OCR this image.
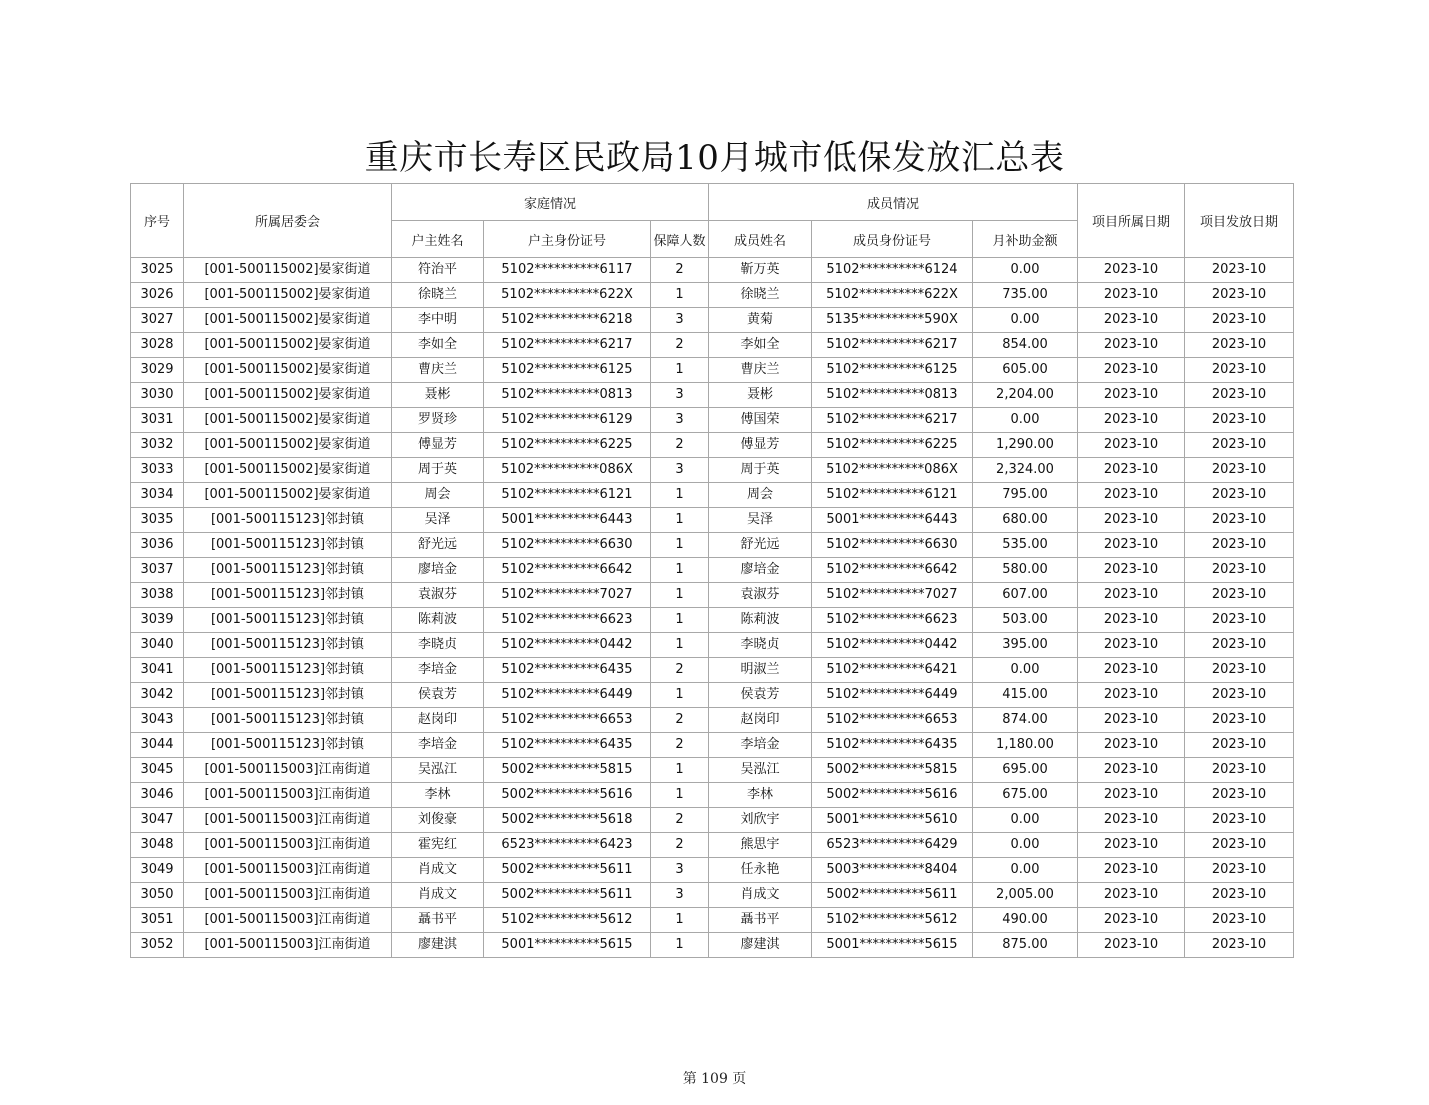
重庆市长寿区民政局10月城市低保发放汇总表
序号	所属居委会	家庭情况			成员情况			项目所属日期	项目发放日期
		户主姓名	户主身份证号	保障人数	成员姓名	成员身份证号	月补助金额		
3025	[001-500115002]晏家街道	符治平	5102**********6117	2	靳万英	5102**********6124	0.00	2023-10	2023-10
3026	[001-500115002]晏家街道	徐晓兰	5102**********622X	1	徐晓兰	5102**********622X	735.00	2023-10	2023-10
3027	[001-500115002]晏家街道	李中明	5102**********6218	3	黄菊	5135**********590X	0.00	2023-10	2023-10
3028	[001-500115002]晏家街道	李如全	5102**********6217	2	李如全	5102**********6217	854.00	2023-10	2023-10
3029	[001-500115002]晏家街道	曹庆兰	5102**********6125	1	曹庆兰	5102**********6125	605.00	2023-10	2023-10
3030	[001-500115002]晏家街道	聂彬	5102**********0813	3	聂彬	5102**********0813	2,204.00	2023-10	2023-10
3031	[001-500115002]晏家街道	罗贤珍	5102**********6129	3	傅国荣	5102**********6217	0.00	2023-10	2023-10
3032	[001-500115002]晏家街道	傅显芳	5102**********6225	2	傅显芳	5102**********6225	1,290.00	2023-10	2023-10
3033	[001-500115002]晏家街道	周于英	5102**********086X	3	周于英	5102**********086X	2,324.00	2023-10	2023-10
3034	[001-500115002]晏家街道	周会	5102**********6121	1	周会	5102**********6121	795.00	2023-10	2023-10
3035	[001-500115123]邻封镇	吴泽	5001**********6443	1	吴泽	5001**********6443	680.00	2023-10	2023-10
3036	[001-500115123]邻封镇	舒光远	5102**********6630	1	舒光远	5102**********6630	535.00	2023-10	2023-10
3037	[001-500115123]邻封镇	廖培金	5102**********6642	1	廖培金	5102**********6642	580.00	2023-10	2023-10
3038	[001-500115123]邻封镇	袁淑芬	5102**********7027	1	袁淑芬	5102**********7027	607.00	2023-10	2023-10
3039	[001-500115123]邻封镇	陈莉波	5102**********6623	1	陈莉波	5102**********6623	503.00	2023-10	2023-10
3040	[001-500115123]邻封镇	李晓贞	5102**********0442	1	李晓贞	5102**********0442	395.00	2023-10	2023-10
3041	[001-500115123]邻封镇	李培金	5102**********6435	2	明淑兰	5102**********6421	0.00	2023-10	2023-10
3042	[001-500115123]邻封镇	侯袁芳	5102**********6449	1	侯袁芳	5102**********6449	415.00	2023-10	2023-10
3043	[001-500115123]邻封镇	赵岗印	5102**********6653	2	赵岗印	5102**********6653	874.00	2023-10	2023-10
3044	[001-500115123]邻封镇	李培金	5102**********6435	2	李培金	5102**********6435	1,180.00	2023-10	2023-10
3045	[001-500115003]江南街道	吴泓江	5002**********5815	1	吴泓江	5002**********5815	695.00	2023-10	2023-10
3046	[001-500115003]江南街道	李林	5002**********5616	1	李林	5002**********5616	675.00	2023-10	2023-10
3047	[001-500115003]江南街道	刘俊豪	5002**********5618	2	刘欣宇	5001**********5610	0.00	2023-10	2023-10
3048	[001-500115003]江南街道	霍宪红	6523**********6423	2	熊思宇	6523**********6429	0.00	2023-10	2023-10
3049	[001-500115003]江南街道	肖成文	5002**********5611	3	任永艳	5003**********8404	0.00	2023-10	2023-10
3050	[001-500115003]江南街道	肖成文	5002**********5611	3	肖成文	5002**********5611	2,005.00	2023-10	2023-10
3051	[001-500115003]江南街道	聶书平	5102**********5612	1	聶书平	5102**********5612	490.00	2023-10	2023-10
3052	[001-500115003]江南街道	廖建淇	5001**********5615	1	廖建淇	5001**********5615	875.00	2023-10	2023-10
第 109 页
